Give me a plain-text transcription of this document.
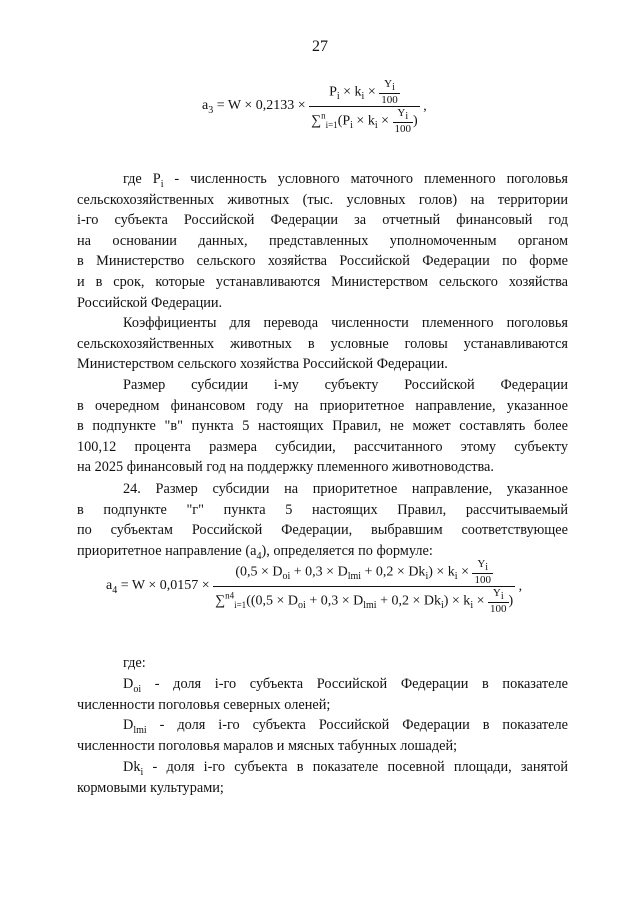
27
$a_3 = W \times 0,2133 \times \frac{P_i \times k_i \times \frac{Y_i}{100}}{\sum^n_{i=1}(P_i \times k_i \times \frac{Y_i}{100} )}$ ,
где $P_i$ - численность условного маточного племенного поголовья
сельскохозяйственных животных (тыс. условных голов) на территории
i-го субъекта Российской Федерации за отчетный финансовый год
на основании данных, представленных уполномоченным органом
в Министерство сельского хозяйства Российской Федерации по форме
и в срок, которые устанавливаются Министерством сельского хозяйства
Российской Федерации.
Коэффициенты для перевода численности племенного поголовья
сельскохозяйственных животных в условные головы устанавливаются
Министерством сельского хозяйства Российской Федерации.
Размер субсидии i-му субъекту Российской Федерации
в очередном финансовом году на приоритетное направление, указанное
в подпункте "в" пункта 5 настоящих Правил, не может составлять более
100,12 процента размера субсидии, рассчитанного этому субъекту
на 2025 финансовый год на поддержку племенного животноводства.
24. Размер субсидии на приоритетное направление, указанное
в подпункте "г" пункта 5 настоящих Правил, рассчитываемый
по субъектам Российской Федерации, выбравшим соответствующее
приоритетное направление $(a_4)$, определяется по формуле:
$a_4 = W \times 0,0157$ ×
$(0,5 \times D_{oi} + 0,3 \times D_{lmi} + 0,2 \times Dk_i) \times k_i \times \frac{Y_i}{100}$
$\sum^{n4}_{i=1}((0,5 \times D_{oi} + 0,3 \times D_{lmi} + 0,2 \times Dk_i) \times k_i \times \frac{Y_i}{100}$ )
,
где:
$D_{oi}$ - доля i-го субъекта Российской Федерации в показателе
численности поголовья северных оленей;
$D_{lmi}$ - доля i-го субъекта Российской Федерации в показателе
численности поголовья маралов и мясных табунных лошадей;
$Dk_i$ - доля i-го субъекта в показателе посевной площади, занятой
кормовыми культурами;
